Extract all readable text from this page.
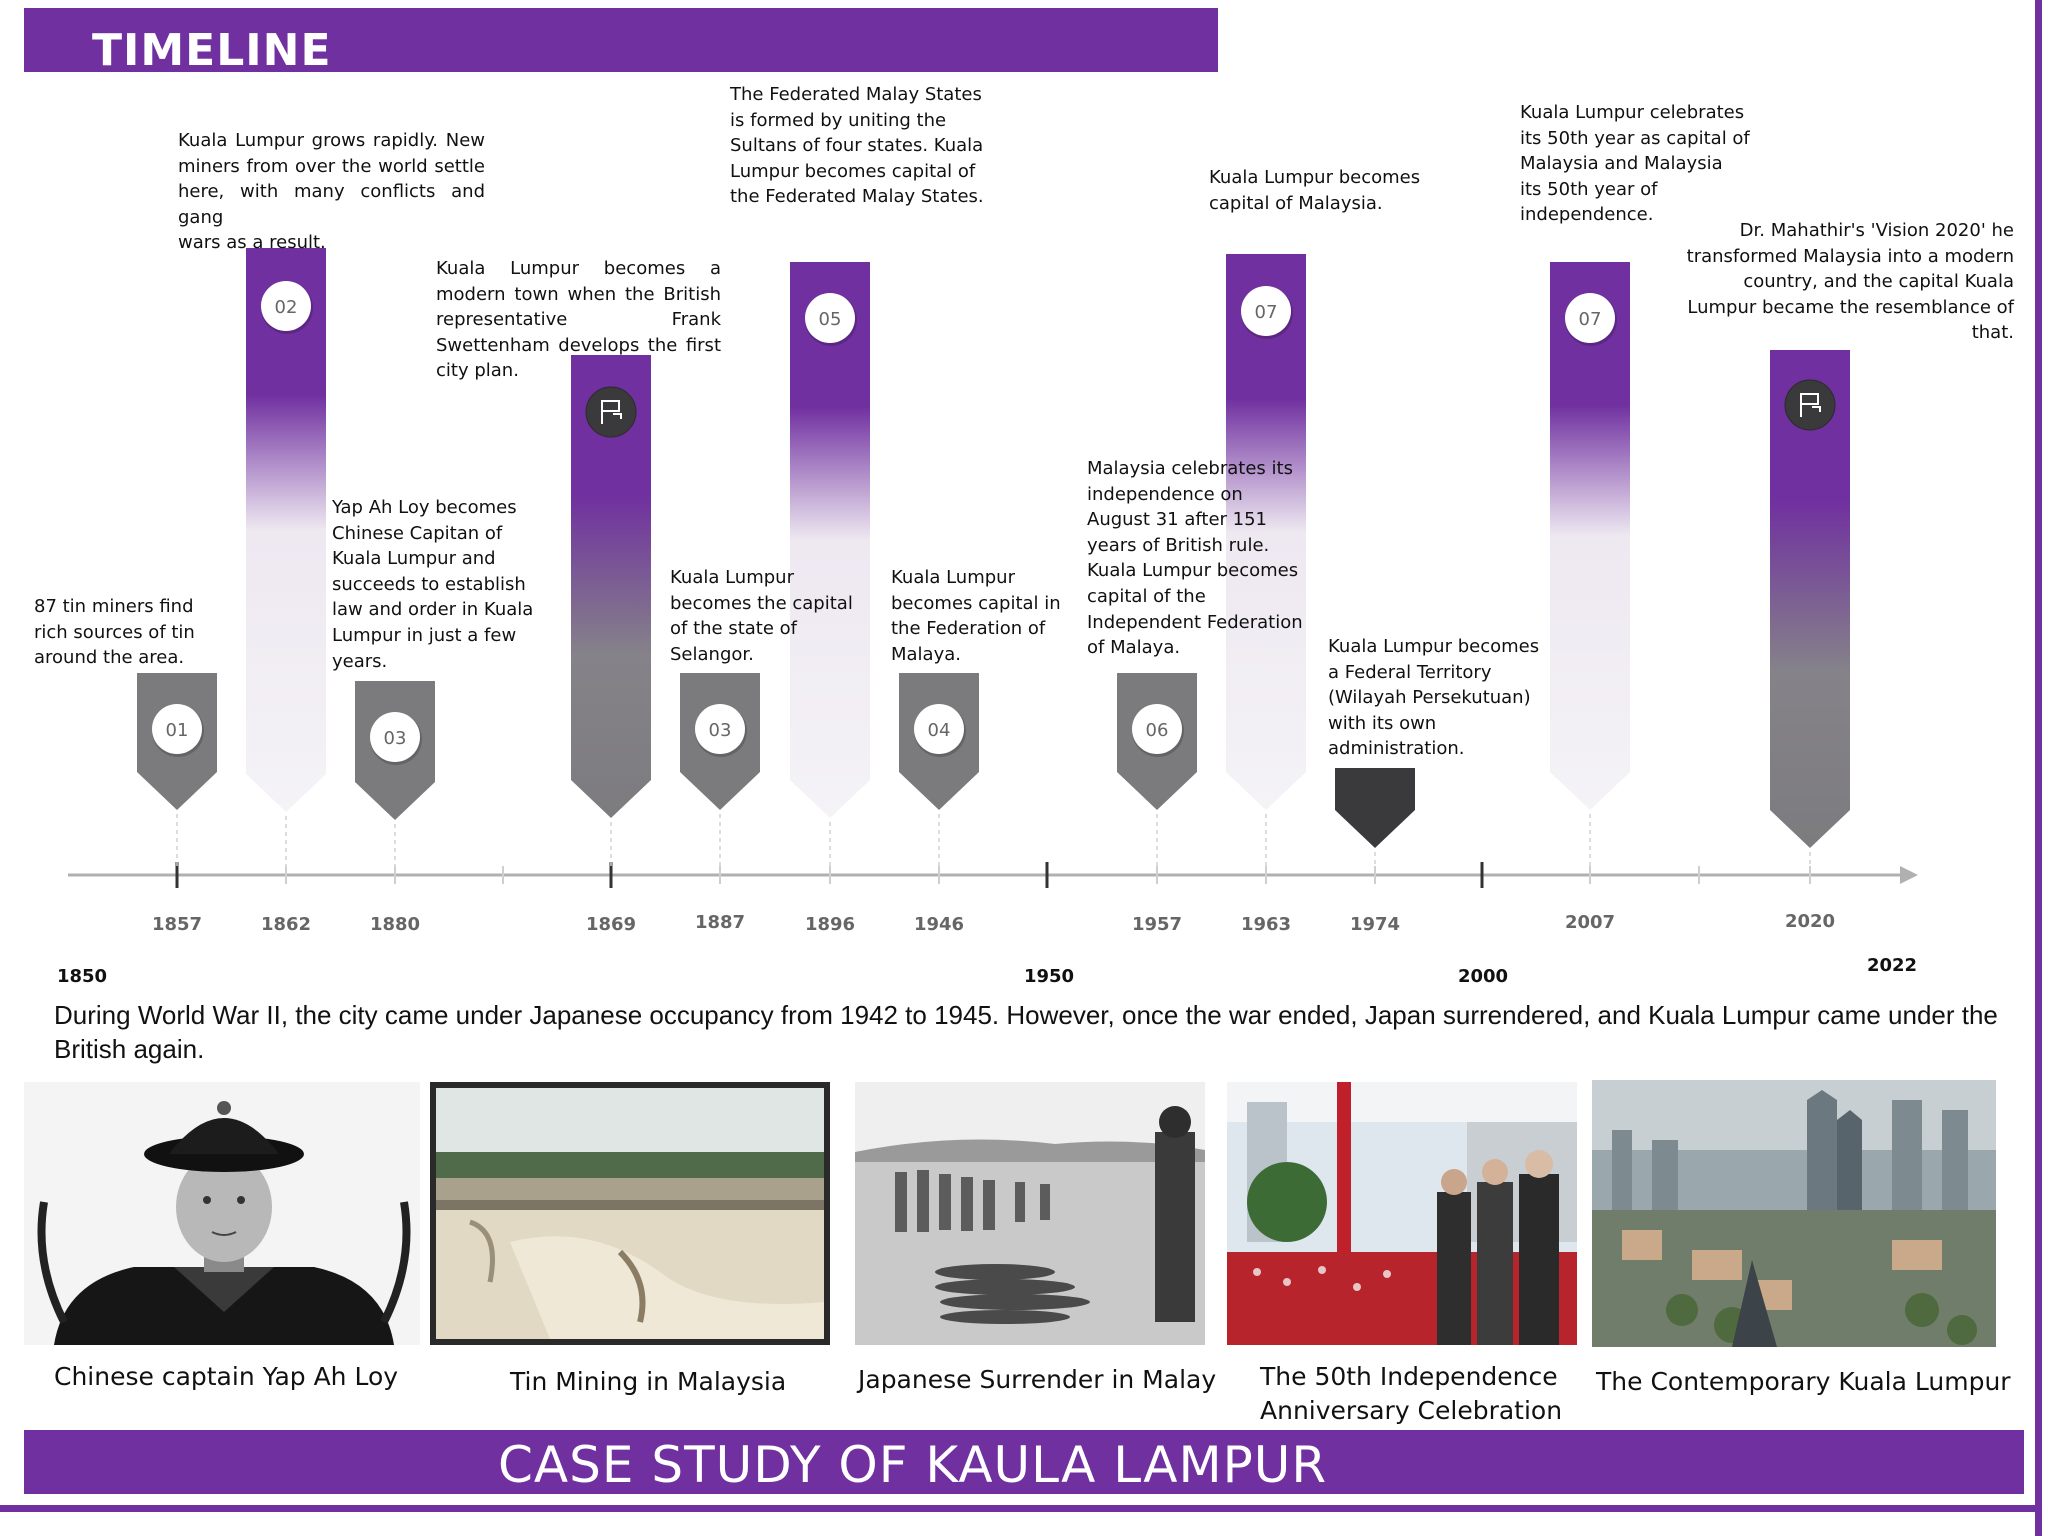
TIMELINE
01
02
03	03
05
04	06
07	07
1857	1862	1880	1869	1887	1896	1946	1957	1963	1974	2007	2020
1850	1950	2000
2022
87 tin miners find
rich sources of tin
around the area.
Kuala Lumpur grows rapidly. New
miners from over the world settle
here, with many conflicts and gang
wars as a result.
Yap Ah Loy becomes
Chinese Capitan of
Kuala Lumpur and
succeeds to establish
law and order in Kuala
Lumpur in just a few
years.
Kuala Lumpur becomes a
modern town when the British
representative Frank
Swettenham develops the first
city plan.
Kuala Lumpur
becomes the capital
of the state of
Selangor.
The Federated Malay States
is formed by uniting the
Sultans of four states. Kuala
Lumpur becomes capital of
the Federated Malay States.
Kuala Lumpur
becomes capital in
the Federation of
Malaya.
Malaysia celebrates its
independence on
August 31 after 151
years of British rule.
Kuala Lumpur becomes
capital of the
Independent Federation
of Malaya.
Kuala Lumpur becomes
capital of Malaysia.
Kuala Lumpur becomes
a Federal Territory
(Wilayah Persekutuan)
with its own
administration.
Kuala Lumpur celebrates
its 50th year as capital of
Malaysia and Malaysia
its 50th year of
independence.
Dr. Mahathir's 'Vision 2020' he
transformed Malaysia into a modern
country, and the capital Kuala
Lumpur became the resemblance of
that.
During World War II, the city came under Japanese occupancy from 1942 to 1945. However, once the war ended, Japan surrendered, and Kuala Lumpur came under the British again.
Chinese captain Yap Ah Loy	Tin Mining in Malaysia	Japanese Surrender in Malay The 50th Independence Anniversary Celebration
The Contemporary Kuala Lumpur
CASE STUDY OF KAULA LAMPUR
